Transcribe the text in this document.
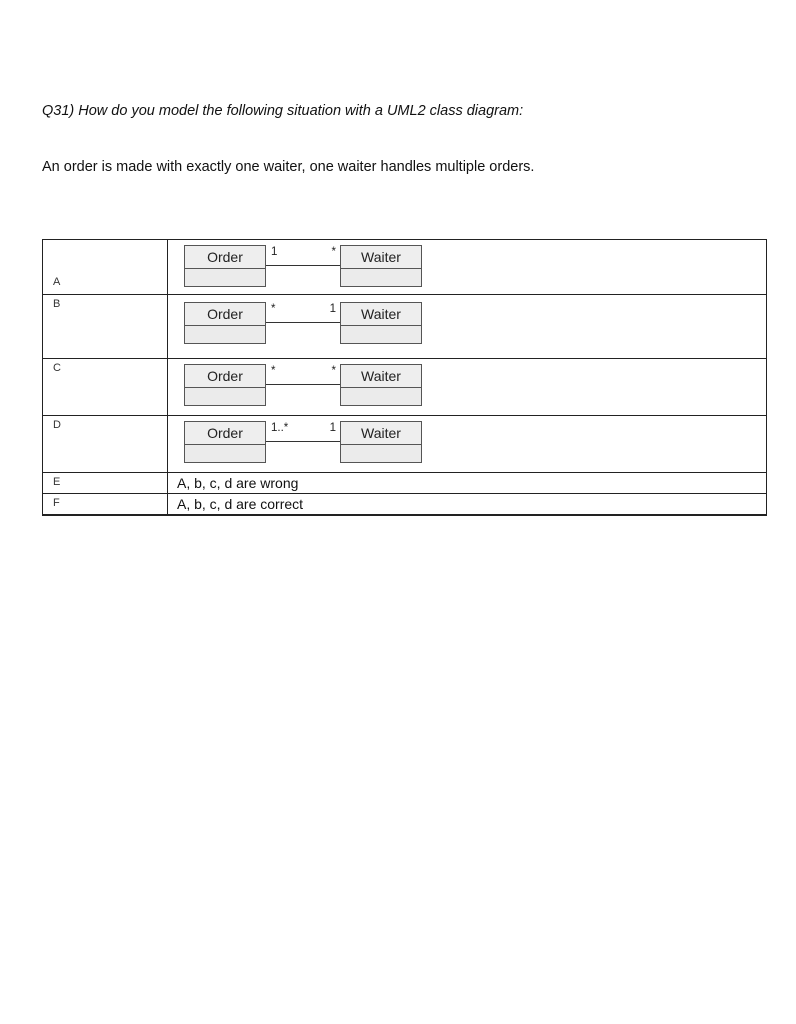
Q31) How do you model the following situation with a UML2 class diagram:
An order is made with exactly one waiter, one waiter handles multiple orders.
A	Order 1 * Waiter

B	Order * 1 Waiter

C	Order * * Waiter

D	Order 1..* 1 Waiter

E	A, b, c, d are wrong

F	A, b, c, d are correct
